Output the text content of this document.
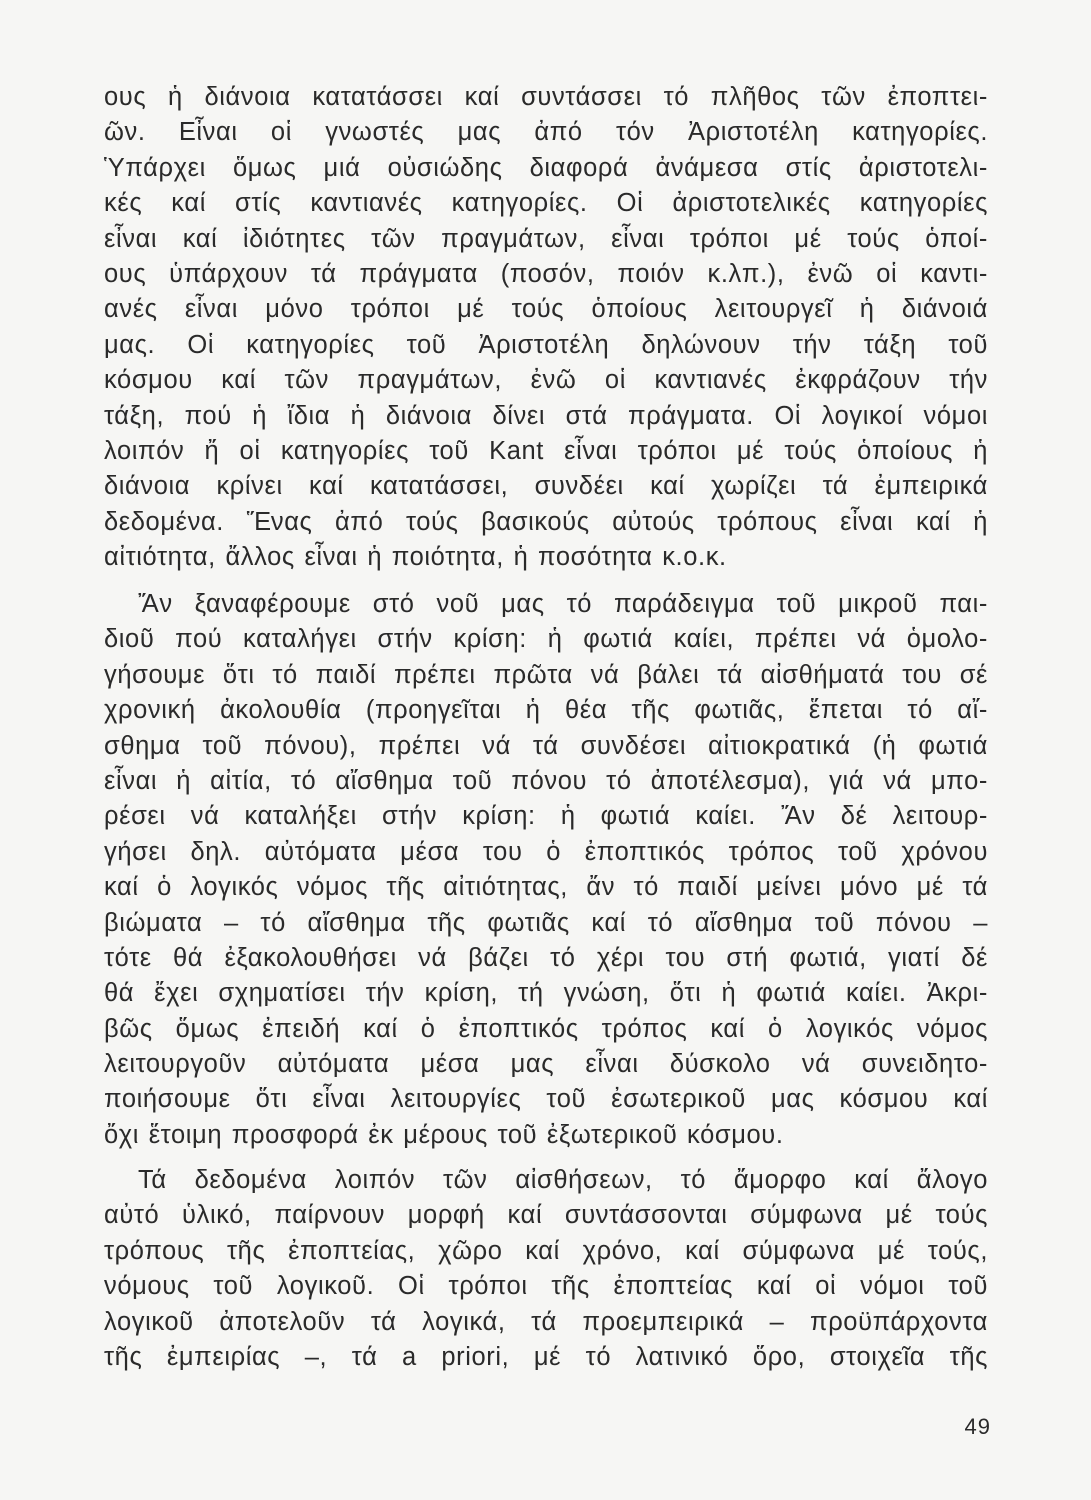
ους ἡ διάνοια κατατάσσει καί συντάσσει τό πλῆθος τῶν ἐποπτει-
ῶν. Εἶναι οἱ γνωστές μας ἀπό τόν Ἀριστοτέλη κατηγορίες.
Ὑπάρχει ὅμως μιά οὐσιώδης διαφορά ἀνάμεσα στίς ἀριστοτελι-
κές καί στίς καντιανές κατηγορίες. Οἱ ἀριστοτελικές κατηγορίες
εἶναι καί ἰδιότητες τῶν πραγμάτων, εἶναι τρόποι μέ τούς ὁποί-
ους ὑπάρχουν τά πράγματα (ποσόν, ποιόν κ.λπ.), ἐνῶ οἱ καντι-
ανές εἶναι μόνο τρόποι μέ τούς ὁποίους λειτουργεῖ ἡ διάνοιά
μας. Οἱ κατηγορίες τοῦ Ἀριστοτέλη δηλώνουν τήν τάξη τοῦ
κόσμου καί τῶν πραγμάτων, ἐνῶ οἱ καντιανές ἐκφράζουν τήν
τάξη, πού ἡ ἴδια ἡ διάνοια δίνει στά πράγματα. Οἱ λογικοί νόμοι
λοιπόν ἤ οἱ κατηγορίες τοῦ Kant εἶναι τρόποι μέ τούς ὁποίους ἡ
διάνοια κρίνει καί κατατάσσει, συνδέει καί χωρίζει τά ἐμπειρικά
δεδομένα. Ἕνας ἀπό τούς βασικούς αὐτούς τρόπους εἶναι καί ἡ
αἰτιότητα, ἄλλος εἶναι ἡ ποιότητα, ἡ ποσότητα κ.ο.κ.
Ἄν ξαναφέρουμε στό νοῦ μας τό παράδειγμα τοῦ μικροῦ παι-
διοῦ πού καταλήγει στήν κρίση: ἡ φωτιά καίει, πρέπει νά ὁμολο-
γήσουμε ὅτι τό παιδί πρέπει πρῶτα νά βάλει τά αἰσθήματά του σέ
χρονική ἀκολουθία (προηγεῖται ἡ θέα τῆς φωτιᾶς, ἕπεται τό αἴ-
σθημα τοῦ πόνου), πρέπει νά τά συνδέσει αἰτιοκρατικά (ἡ φωτιά
εἶναι ἡ αἰτία, τό αἴσθημα τοῦ πόνου τό ἀποτέλεσμα), γιά νά μπο-
ρέσει νά καταλήξει στήν κρίση: ἡ φωτιά καίει. Ἄν δέ λειτουρ-
γήσει δηλ. αὐτόματα μέσα του ὁ ἐποπτικός τρόπος τοῦ χρόνου
καί ὁ λογικός νόμος τῆς αἰτιότητας, ἄν τό παιδί μείνει μόνο μέ τά
βιώματα – τό αἴσθημα τῆς φωτιᾶς καί τό αἴσθημα τοῦ πόνου –
τότε θά ἐξακολουθήσει νά βάζει τό χέρι του στή φωτιά, γιατί δέ
θά ἔχει σχηματίσει τήν κρίση, τή γνώση, ὅτι ἡ φωτιά καίει. Ἀκρι-
βῶς ὅμως ἐπειδή καί ὁ ἐποπτικός τρόπος καί ὁ λογικός νόμος
λειτουργοῦν αὐτόματα μέσα μας εἶναι δύσκολο νά συνειδητο-
ποιήσουμε ὅτι εἶναι λειτουργίες τοῦ ἐσωτερικοῦ μας κόσμου καί
ὄχι ἕτοιμη προσφορά ἐκ μέρους τοῦ ἐξωτερικοῦ κόσμου.
Τά δεδομένα λοιπόν τῶν αἰσθήσεων, τό ἄμορφο καί ἄλογο
αὐτό ὑλικό, παίρνουν μορφή καί συντάσσονται σύμφωνα μέ τούς
τρόπους τῆς ἐποπτείας, χῶρο καί χρόνο, καί σύμφωνα μέ τούς,
νόμους τοῦ λογικοῦ. Οἱ τρόποι τῆς ἐποπτείας καί οἱ νόμοι τοῦ
λογικοῦ ἀποτελοῦν τά λογικά, τά προεμπειρικά – προϋπάρχοντα
τῆς ἐμπειρίας –, τά a priori, μέ τό λατινικό ὅρο, στοιχεῖα τῆς
49
